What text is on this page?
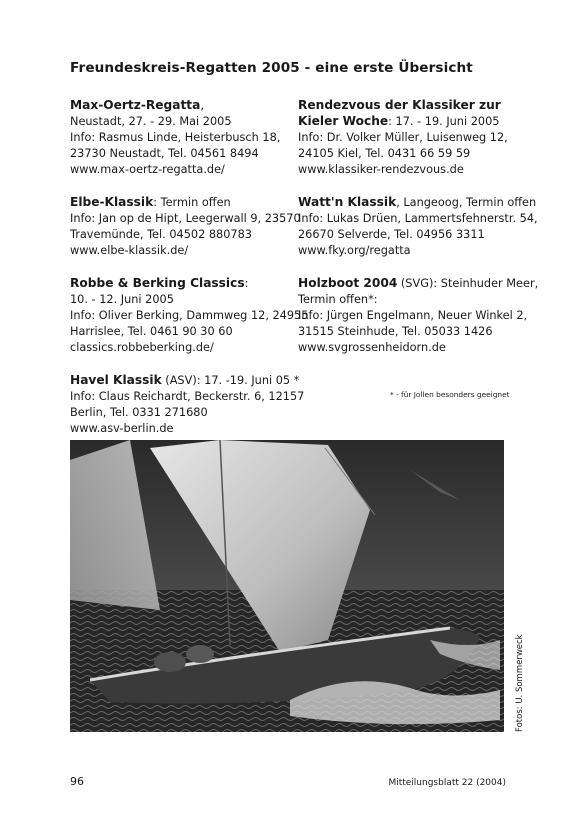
Freundeskreis-Regatten 2005 - eine erste Übersicht
Max-Oertz-Regatta,
Neustadt, 27. - 29. Mai 2005
Info: Rasmus Linde, Heisterbusch 18,
23730 Neustadt, Tel. 04561 8494
www.max-oertz-regatta.de/
Elbe-Klassik: Termin offen
Info: Jan op de Hipt, Leegerwall 9, 23570
Travemünde, Tel. 04502 880783
www.elbe-klassik.de/
Robbe & Berking Classics:
10. - 12. Juni 2005
Info: Oliver Berking, Dammweg 12, 24955
Harrislee, Tel. 0461 90 30 60
classics.robbeberking.de/
Havel Klassik (ASV): 17. -19. Juni 05 *
Info: Claus Reichardt, Beckerstr. 6, 12157
Berlin, Tel. 0331 271680
www.asv-berlin.de
Rendezvous der Klassiker zur
Kieler Woche: 17. - 19. Juni 2005
Info: Dr. Volker Müller, Luisenweg 12,
24105 Kiel, Tel. 0431 66 59 59
www.klassiker-rendezvous.de
Watt'n Klassik, Langeoog, Termin offen
Info: Lukas Drüen, Lammertsfehnerstr. 54,
26670 Selverde, Tel. 04956 3311
www.fky.org/regatta
Holzboot 2004 (SVG): Steinhuder Meer,
Termin offen*:
Info: Jürgen Engelmann, Neuer Winkel 2,
31515 Steinhude, Tel. 05033 1426
www.svgrossenheidorn.de
* - für Jollen besonders geeignet
Fotos: U. Sommerweck
96	Mitteilungsblatt 22 (2004)
